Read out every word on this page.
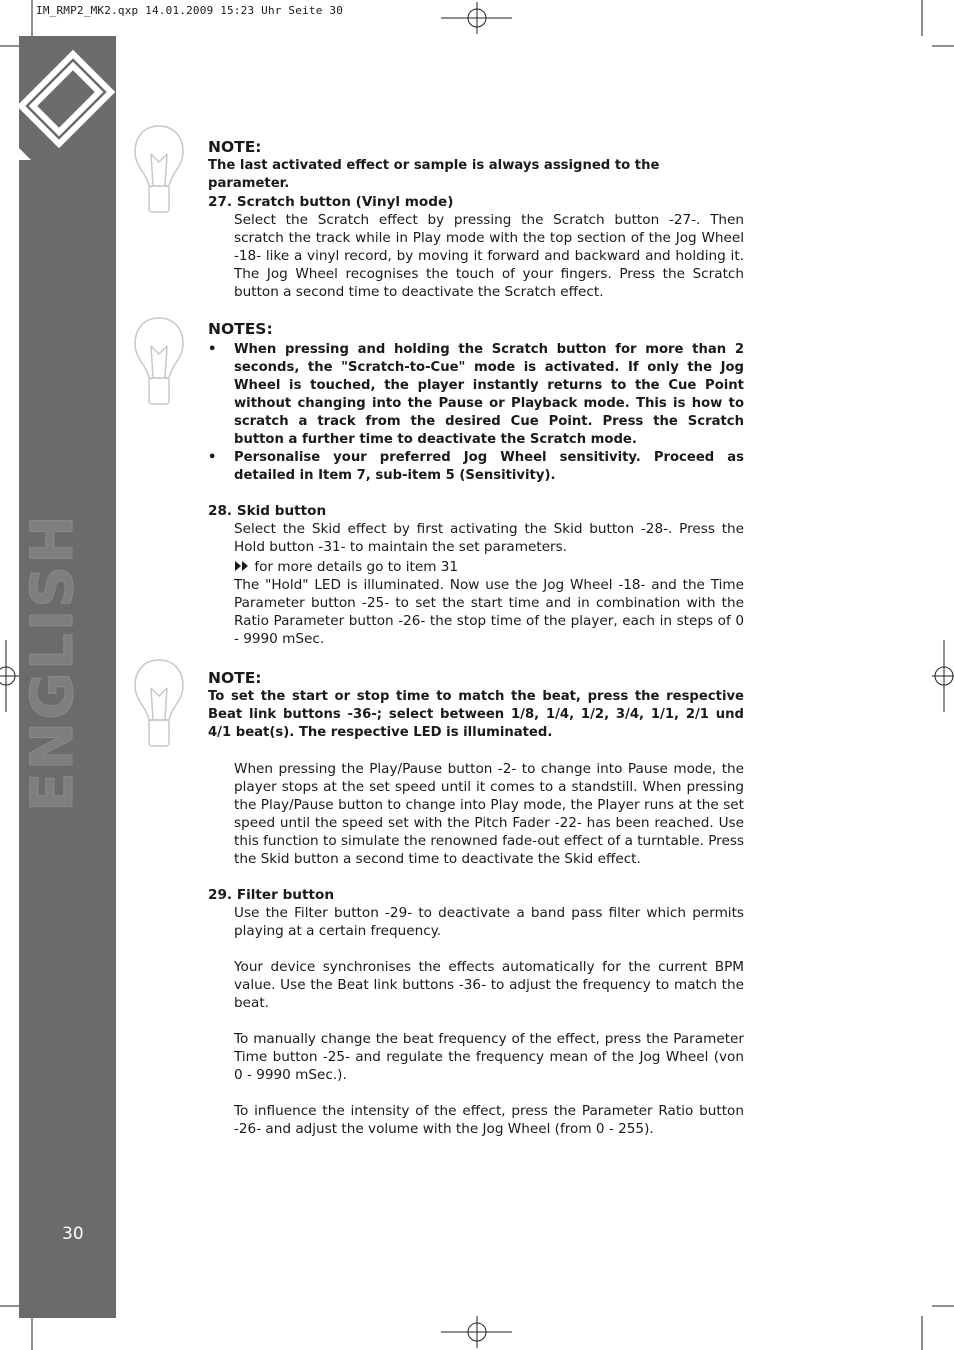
IM_RMP2_MK2.qxp 14.01.2009 15:23 Uhr Seite 30
ENGLISH
30
NOTE:
The last activated effect or sample is always assigned to the parameter.
27. Scratch button (Vinyl mode)
Select the Scratch effect by pressing the Scratch button -27-. Then scratch the track while in Play mode with the top section of the Jog Wheel -18- like a vinyl record, by moving it forward and backward and holding it. The Jog Wheel recognises the touch of your fingers. Press the Scratch button a second time to deactivate the Scratch effect.
NOTES:
• When pressing and holding the Scratch button for more than 2 seconds, the "Scratch-to-Cue" mode is activated. If only the Jog Wheel is touched, the player instantly returns to the Cue Point without changing into the Pause or Playback mode. This is how to scratch a track from the desired Cue Point. Press the Scratch button a further time to deactivate the Scratch mode.
• Personalise your preferred Jog Wheel sensitivity. Proceed as detailed in Item 7, sub-item 5 (Sensitivity).
28. Skid button
Select the Skid effect by first activating the Skid button -28-. Press the Hold button -31- to maintain the set parameters.
for more details go to item 31
The "Hold" LED is illuminated. Now use the Jog Wheel -18- and the Time Parameter button -25- to set the start time and in combination with the Ratio Parameter button -26- the stop time of the player, each in steps of 0 - 9990 mSec.
NOTE:
To set the start or stop time to match the beat, press the respective Beat link buttons -36-; select between 1/8, 1/4, 1/2, 3/4, 1/1, 2/1 und 4/1 beat(s). The respective LED is illuminated.
When pressing the Play/Pause button -2- to change into Pause mode, the player stops at the set speed until it comes to a standstill. When pressing the Play/Pause button to change into Play mode, the Player runs at the set speed until the speed set with the Pitch Fader -22- has been reached. Use this function to simulate the renowned fade-out effect of a turntable. Press the Skid button a second time to deactivate the Skid effect.
29. Filter button
Use the Filter button -29- to deactivate a band pass filter which permits playing at a certain frequency.
Your device synchronises the effects automatically for the current BPM value. Use the Beat link buttons -36- to adjust the frequency to match the beat.
To manually change the beat frequency of the effect, press the Parameter Time button -25- and regulate the frequency mean of the Jog Wheel (von 0 - 9990 mSec.).
To influence the intensity of the effect, press the Parameter Ratio button -26- and adjust the volume with the Jog Wheel (from 0 - 255).
